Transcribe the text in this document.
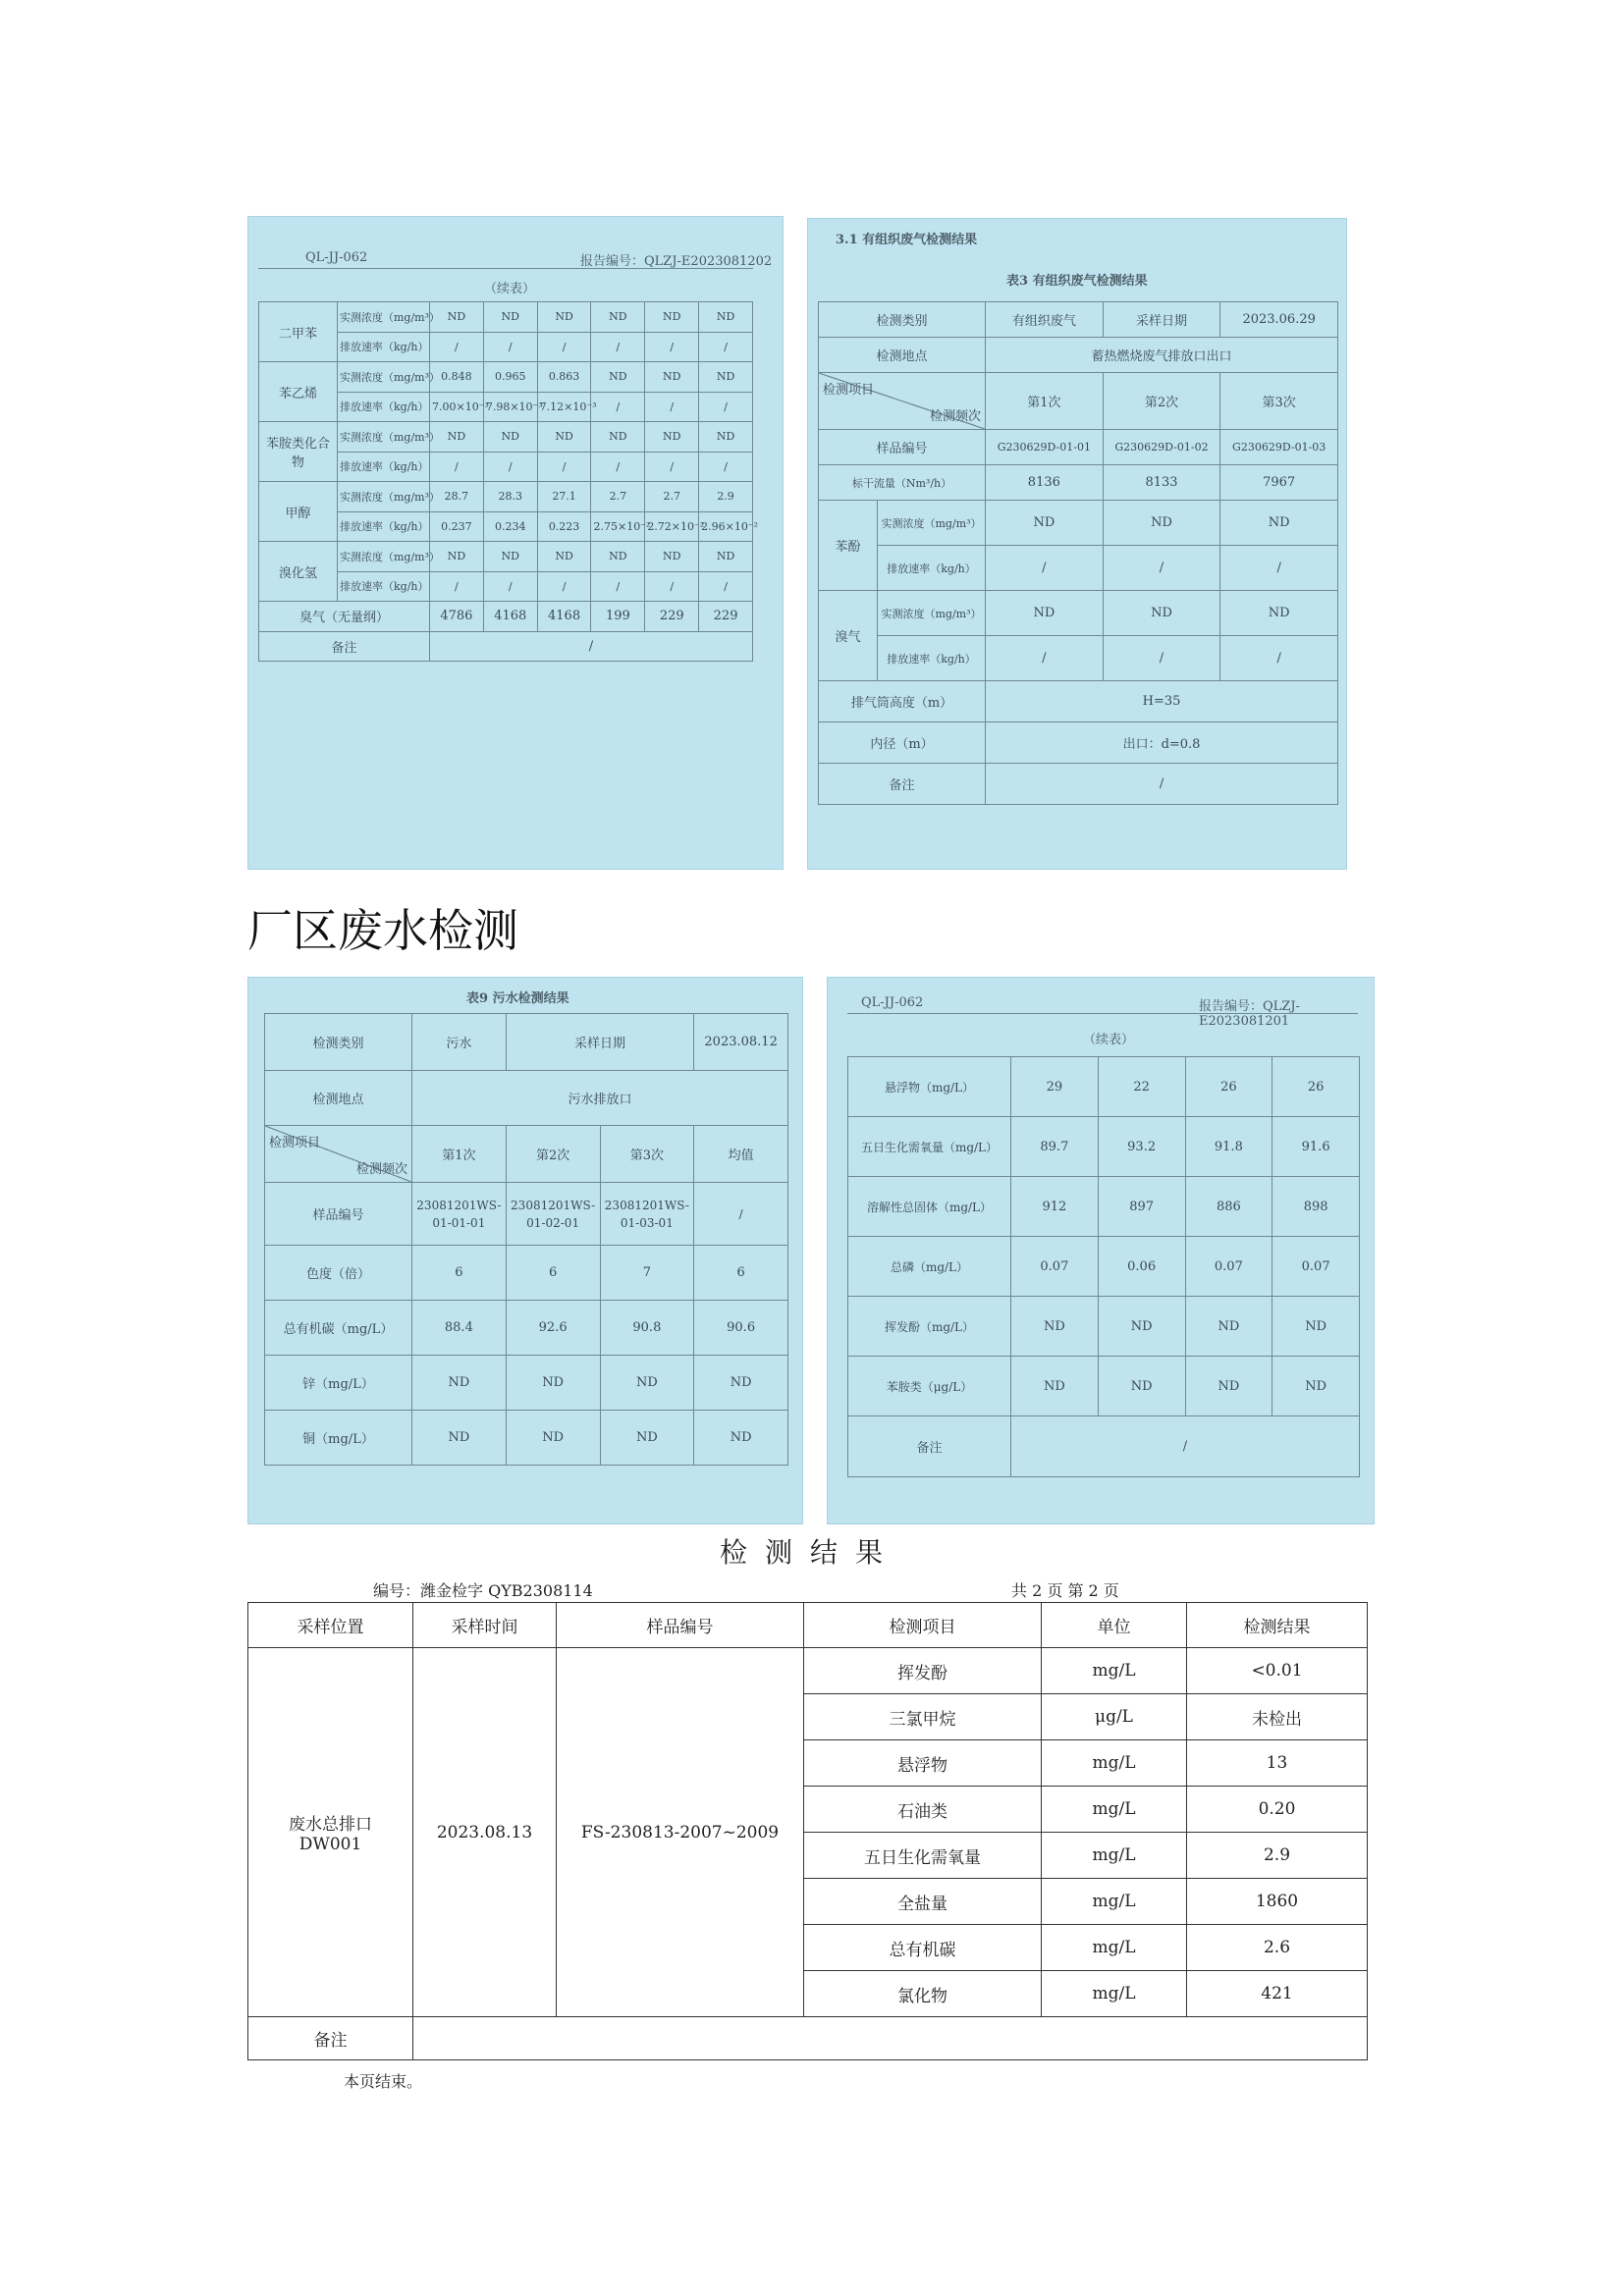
QL-JJ-062	报告编号：QLZJ-E2023081202
（续表）
二甲苯	实测浓度（mg/m³）	ND	ND	ND	ND	ND	ND
	排放速率（kg/h）	/	/	/	/	/	/
苯乙烯	实测浓度（mg/m³）	0.848	0.965	0.863	ND	ND	ND
	排放速率（kg/h）	7.00×10⁻³	7.98×10⁻³	7.12×10⁻³	/	/	/
苯胺类化合物	实测浓度（mg/m³）	ND	ND	ND	ND	ND	ND
	排放速率（kg/h）	/	/	/	/	/	/
甲醇	实测浓度（mg/m³）	28.7	28.3	27.1	2.7	2.7	2.9
	排放速率（kg/h）	0.237	0.234	0.223	2.75×10⁻²	2.72×10⁻²	2.96×10⁻²
溴化氢	实测浓度（mg/m³）	ND	ND	ND	ND	ND	ND
	排放速率（kg/h）	/	/	/	/	/	/
臭气（无量纲）		4786	4168	4168	199	229	229
备注		/					
3.1 有组织废气检测结果
表3 有组织废气检测结果
检测类别		有组织废气	采样日期	2023.06.29
检测地点		蓄热燃烧废气排放口出口		

检测频次
检测项目		第1次	第2次	第3次
样品编号		G230629D-01-01	G230629D-01-02	G230629D-01-03
标干流量（Nm³/h）		8136	8133	7967
苯酚	实测浓度（mg/m³）	ND	ND	ND
	排放速率（kg/h）	/	/	/
溴气	实测浓度（mg/m³）	ND	ND	ND
	排放速率（kg/h）	/	/	/
排气筒高度（m）		H=35		
内径（m）		出口：d=0.8		
备注		/		
厂区废水检测
表9 污水检测结果
检测类别	污水	采样日期		2023.08.12
检测地点	污水排放口			

检测频次
检测项目	第1次	第2次	第3次	均值
样品编号	23081201WS-01-01-01	23081201WS-01-02-01	23081201WS-01-03-01	/
色度（倍）	6	6	7	6
总有机碳（mg/L）	88.4	92.6	90.8	90.6
锌（mg/L）	ND	ND	ND	ND
铜（mg/L）	ND	ND	ND	ND
QL-JJ-062	报告编号：QLZJ-E2023081201
（续表）
悬浮物（mg/L）	29	22	26	26
五日生化需氧量（mg/L）	89.7	93.2	91.8	91.6
溶解性总固体（mg/L）	912	897	886	898
总磷（mg/L）	0.07	0.06	0.07	0.07
挥发酚（mg/L）	ND	ND	ND	ND
苯胺类（μg/L）	ND	ND	ND	ND
备注	/			
检测结果
编号：潍金检字 QYB2308114	共 2 页 第 2 页
采样位置	采样时间	样品编号	检测项目	单位	检测结果
废水总排口 DW001	2023.08.13	FS-230813-2007~2009	挥发酚	mg/L	<0.01
			三氯甲烷	μg/L	未检出
			悬浮物	mg/L	13
			石油类	mg/L	0.20
			五日生化需氧量	mg/L	2.9
			全盐量	mg/L	1860
			总有机碳	mg/L	2.6
			氯化物	mg/L	421
备注					
本页结束。
